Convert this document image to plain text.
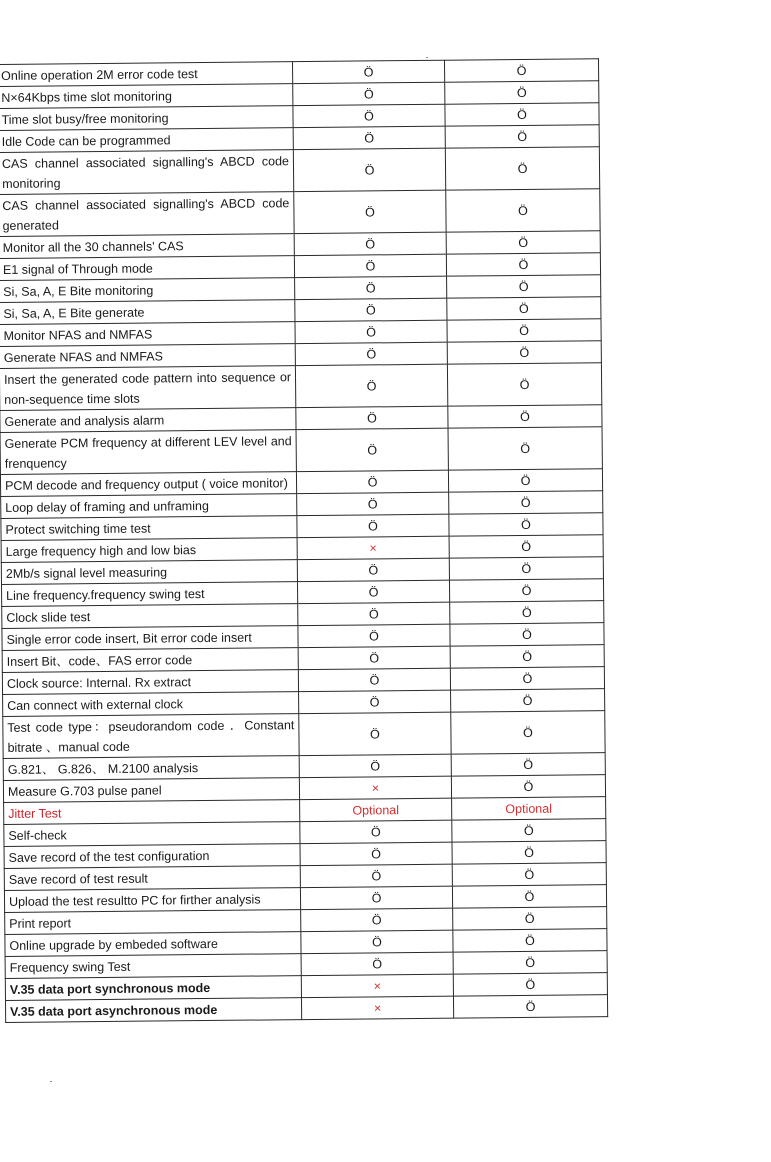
Online operation 2M error code test	Ö	Ö
N×64Kbps time slot monitoring	Ö	Ö
Time slot busy/free monitoring	Ö	Ö
Idle Code can be programmed	Ö	Ö
CAS channel associated signalling's ABCD code monitoring	Ö	Ö
CAS channel associated signalling's ABCD code generated	Ö	Ö
Monitor all the 30 channels' CAS	Ö	Ö
E1 signal of Through mode	Ö	Ö
Si, Sa, A, E Bite monitoring	Ö	Ö
Si, Sa, A, E Bite generate	Ö	Ö
Monitor NFAS and NMFAS	Ö	Ö
Generate NFAS and NMFAS	Ö	Ö
Insert the generated code pattern into sequence or non-sequence time slots	Ö	Ö
Generate and analysis alarm	Ö	Ö
Generate PCM frequency at different LEV level and frenquency	Ö	Ö
PCM decode and frequency output ( voice monitor)	Ö	Ö
Loop delay of framing and unframing	Ö	Ö
Protect switching time test	Ö	Ö
Large frequency high and low bias	×	Ö
2Mb/s signal level measuring	Ö	Ö
Line frequency.frequency swing test	Ö	Ö
Clock slide test	Ö	Ö
Single error code insert, Bit error code insert	Ö	Ö
Insert Bit、code、FAS error code	Ö	Ö
Clock source: Internal. Rx extract	Ö	Ö
Can connect with external clock	Ö	Ö
Test code type：pseudorandom code ．Constant bitrate 、manual code	Ö	Ö
G.821、 G.826、 M.2100 analysis	Ö	Ö
Measure G.703 pulse panel	×	Ö
Jitter Test	Optional	Optional
Self-check	Ö	Ö
Save record of the test configuration	Ö	Ö
Save record of test result	Ö	Ö
Upload the test resultto PC for firther analysis	Ö	Ö
Print report	Ö	Ö
Online upgrade by embeded software	Ö	Ö
Frequency swing Test	Ö	Ö
V.35 data port synchronous mode	×	Ö
V.35 data port asynchronous mode	×	Ö
